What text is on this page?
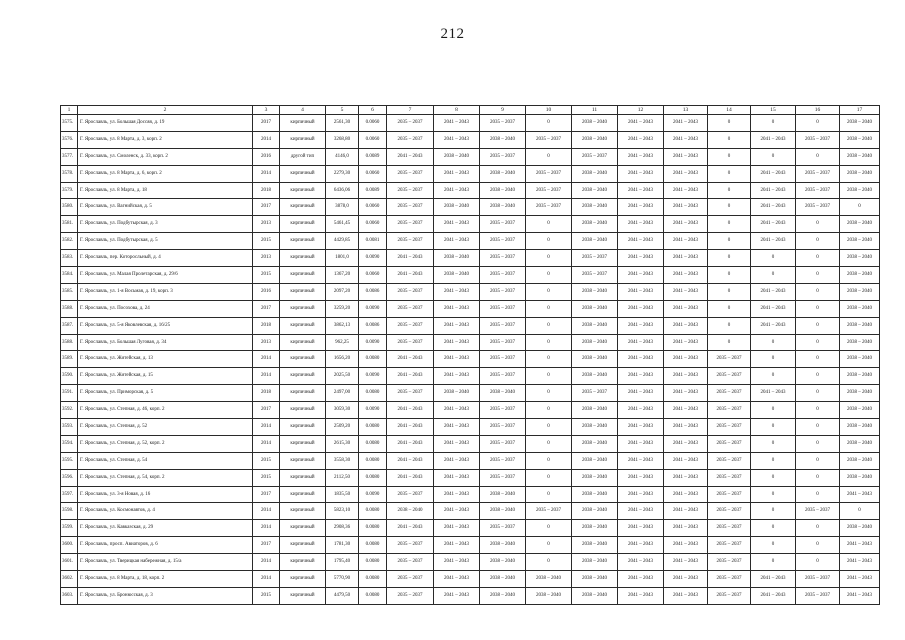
212
1	2	3	4	5	6	7	8	9	10	11	12	13	14	15	16	17
3575.	Г. Ярославль, ул. Большая Доссяя, д. 19	2017	кирпичный	2561,30	0.0060	2035 – 2037	2041 – 2043	2035 – 2037	0	2038 – 2040	2041 – 2043	2041 – 2043	0	0	0	2038 – 2040
3576.	Г. Ярославль, ул. 8 Марта, д. 3, корп. 2	2014	кирпичный	3268,80	0.0060	2035 – 2037	2041 – 2043	2038 – 2040	2035 – 2037	2038 – 2040	2041 – 2043	2041 – 2043	0	2041 – 2043	2035 – 2037	2038 – 2040
3577.	Г. Ярославль, ул. Смоленск, д. 33, корп. 2	2016	другой тип	4146,0	0.0089	2041 – 2043	2038 – 2040	2035 – 2037	0	2035 – 2037	2041 – 2043	2041 – 2043	0	0	0	2038 – 2040
3578.	Г. Ярославль, ул. 8 Марта, д. 6, корп. 2	2014	кирпичный	2279,30	0.0060	2035 – 2037	2041 – 2043	2038 – 2040	2035 – 2037	2038 – 2040	2041 – 2043	2041 – 2043	0	2041 – 2043	2035 – 2037	2038 – 2040
3579.	Г. Ярославль, ул. 8 Марта, д. 18	2018	кирпичный	6436,06	0.0089	2035 – 2037	2041 – 2043	2038 – 2040	2035 – 2037	2038 – 2040	2041 – 2043	2041 – 2043	0	2041 – 2043	2035 – 2037	2038 – 2040
3580.	Г. Ярославль, ул. Вагнийская, д. 5	2017	кирпичный	3878,0	0.0060	2035 – 2037	2038 – 2040	2038 – 2040	2035 – 2037	2038 – 2040	2041 – 2043	2041 – 2043	0	2041 – 2043	2035 – 2037	0
3581.	Г. Ярославль, ул. Подбутырская, д. 3	2013	кирпичный	5461,45	0.0060	2035 – 2037	2041 – 2043	2035 – 2037	0	2038 – 2040	2041 – 2043	2041 – 2043	0	2041 – 2043	0	2038 – 2040
3582.	Г. Ярославль, ул. Подбутырская, д. 5	2015	кирпичный	4429,85	0.0081	2035 – 2037	2041 – 2043	2035 – 2037	0	2038 – 2040	2041 – 2043	2041 – 2043	0	2041 – 2043	0	2038 – 2040
3583.	Г. Ярославль, пер. Которосльный, д. 4	2013	кирпичный	1801,0	0.0090	2041 – 2043	2038 – 2040	2035 – 2037	0	2035 – 2037	2041 – 2043	2041 – 2043	0	0	0	2038 – 2040
3584.	Г. Ярославль, ул. Малая Пролетарская, д. 29/6	2015	кирпичный	1367,20	0.0060	2041 – 2043	2038 – 2040	2035 – 2037	0	2035 – 2037	2041 – 2043	2041 – 2043	0	0	0	2038 – 2040
3585.	Г. Ярославль, ул. 1-я Восьмая, д. 19, корп. 3	2016	кирпичный	2097,20	0.0086	2035 – 2037	2041 – 2043	2035 – 2037	0	2038 – 2040	2041 – 2043	2041 – 2043	0	2041 – 2043	0	2038 – 2040
3588.	Г. Ярославль, ул. Посохова, д. 24	2017	кирпичный	3259,20	0.0090	2035 – 2037	2041 – 2043	2035 – 2037	0	2038 – 2040	2041 – 2043	2041 – 2043	0	2041 – 2043	0	2038 – 2040
3587.	Г. Ярославль, ул. 5-я Яковлевская, д. 16/25	2018	кирпичный	3862,13	0.0086	2035 – 2037	2041 – 2043	2035 – 2037	0	2038 – 2040	2041 – 2043	2041 – 2043	0	2041 – 2043	0	2038 – 2040
3588.	Г. Ярославль, ул. Большая Луговая, д. 34	2013	кирпичный	962,25	0.0090	2035 – 2037	2041 – 2043	2035 – 2037	0	2038 – 2040	2041 – 2043	2041 – 2043	0	0	0	2038 – 2040
3589.	Г. Ярославль, ул. Житейская, д. 13	2014	кирпичный	1656,20	0.0080	2041 – 2043	2041 – 2043	2035 – 2037	0	2038 – 2040	2041 – 2043	2041 – 2043	2035 – 2037	0	0	2038 – 2040
3590.	Г. Ярославль, ул. Житейская, д. 15	2014	кирпичный	2025,50	0.0090	2041 – 2043	2041 – 2043	2035 – 2037	0	2038 – 2040	2041 – 2043	2041 – 2043	2035 – 2037	0	0	2038 – 2040
3591.	Г. Ярославль, ул. Приморская, д. 5	2018	кирпичный	2497,00	0.0080	2035 – 2037	2038 – 2040	2038 – 2040	0	2035 – 2037	2041 – 2043	2041 – 2043	2035 – 2037	2041 – 2043	0	2038 – 2040
3592.	Г. Ярославль, ул. Степная, д. 46, корп. 2	2017	кирпичный	3059,30	0.0090	2041 – 2043	2041 – 2043	2035 – 2037	0	2038 – 2040	2041 – 2043	2041 – 2043	2035 – 2037	0	0	2038 – 2040
3593.	Г. Ярославль, ул. Степная, д. 52	2014	кирпичный	2509,20	0.0080	2041 – 2043	2041 – 2043	2035 – 2037	0	2038 – 2040	2041 – 2043	2041 – 2043	2035 – 2037	0	0	2038 – 2040
3594.	Г. Ярославль, ул. Степная, д. 52, корп. 2	2014	кирпичный	2615,30	0.0080	2041 – 2043	2041 – 2043	2035 – 2037	0	2038 – 2040	2041 – 2043	2041 – 2043	2035 – 2037	0	0	2038 – 2040
3595.	Г. Ярославль, ул. Степная, д. 54	2015	кирпичный	3558,30	0.0080	2041 – 2043	2041 – 2043	2035 – 2037	0	2038 – 2040	2041 – 2043	2041 – 2043	2035 – 2037	0	0	2038 – 2040
3596.	Г. Ярославль, ул. Степная, д. 54, корп. 2	2015	кирпичный	2112,50	0.0080	2041 – 2043	2041 – 2043	2035 – 2037	0	2038 – 2040	2041 – 2043	2041 – 2043	2035 – 2037	0	0	2038 – 2040
3597.	Г. Ярославль, ул. 3-я Новая, д. 16	2017	кирпичный	1835,50	0.0090	2035 – 2037	2041 – 2043	2038 – 2040	0	2038 – 2040	2041 – 2043	2041 – 2043	2035 – 2037	0	0	2041 – 2043
3598.	Г. Ярославль, ул. Космонавтов, д. 4	2014	кирпичный	5823,10	0.0080	2038 – 2040	2041 – 2043	2038 – 2040	2035 – 2037	2038 – 2040	2041 – 2043	2041 – 2043	2035 – 2037	0	2035 – 2037	0
3599.	Г. Ярославль, ул. Кавказская, д. 29	2014	кирпичный	2908,36	0.0080	2041 – 2043	2041 – 2043	2035 – 2037	0	2038 – 2040	2041 – 2043	2041 – 2043	2035 – 2037	0	0	2038 – 2040
3600.	Г. Ярославль, просп. Авиаторов, д. 6	2017	кирпичный	1781,30	0.0080	2035 – 2037	2041 – 2043	2038 – 2040	0	2038 – 2040	2041 – 2043	2041 – 2043	2035 – 2037	0	0	2041 – 2043
3601.	Г. Ярославль, ул. Тверицкая набережная, д. 15/а	2014	кирпичный	1795,40	0.0080	2035 – 2037	2041 – 2043	2038 – 2040	0	2038 – 2040	2041 – 2043	2041 – 2043	2035 – 2037	0	0	2041 – 2043
3602.	Г. Ярославль, ул. 8 Марта, д. 18, корп. 2	2014	кирпичный	5770,90	0.0080	2035 – 2037	2041 – 2043	2038 – 2040	2038 – 2040	2038 – 2040	2041 – 2043	2041 – 2043	2035 – 2037	2041 – 2043	2035 – 2037	2041 – 2043
3603.	Г. Ярославль, ул. Бронюсская, д. 3	2015	кирпичный	4479,50	0.0080	2035 – 2037	2041 – 2043	2038 – 2040	2038 – 2040	2038 – 2040	2041 – 2043	2041 – 2043	2035 – 2037	2041 – 2043	2035 – 2037	2041 – 2043
